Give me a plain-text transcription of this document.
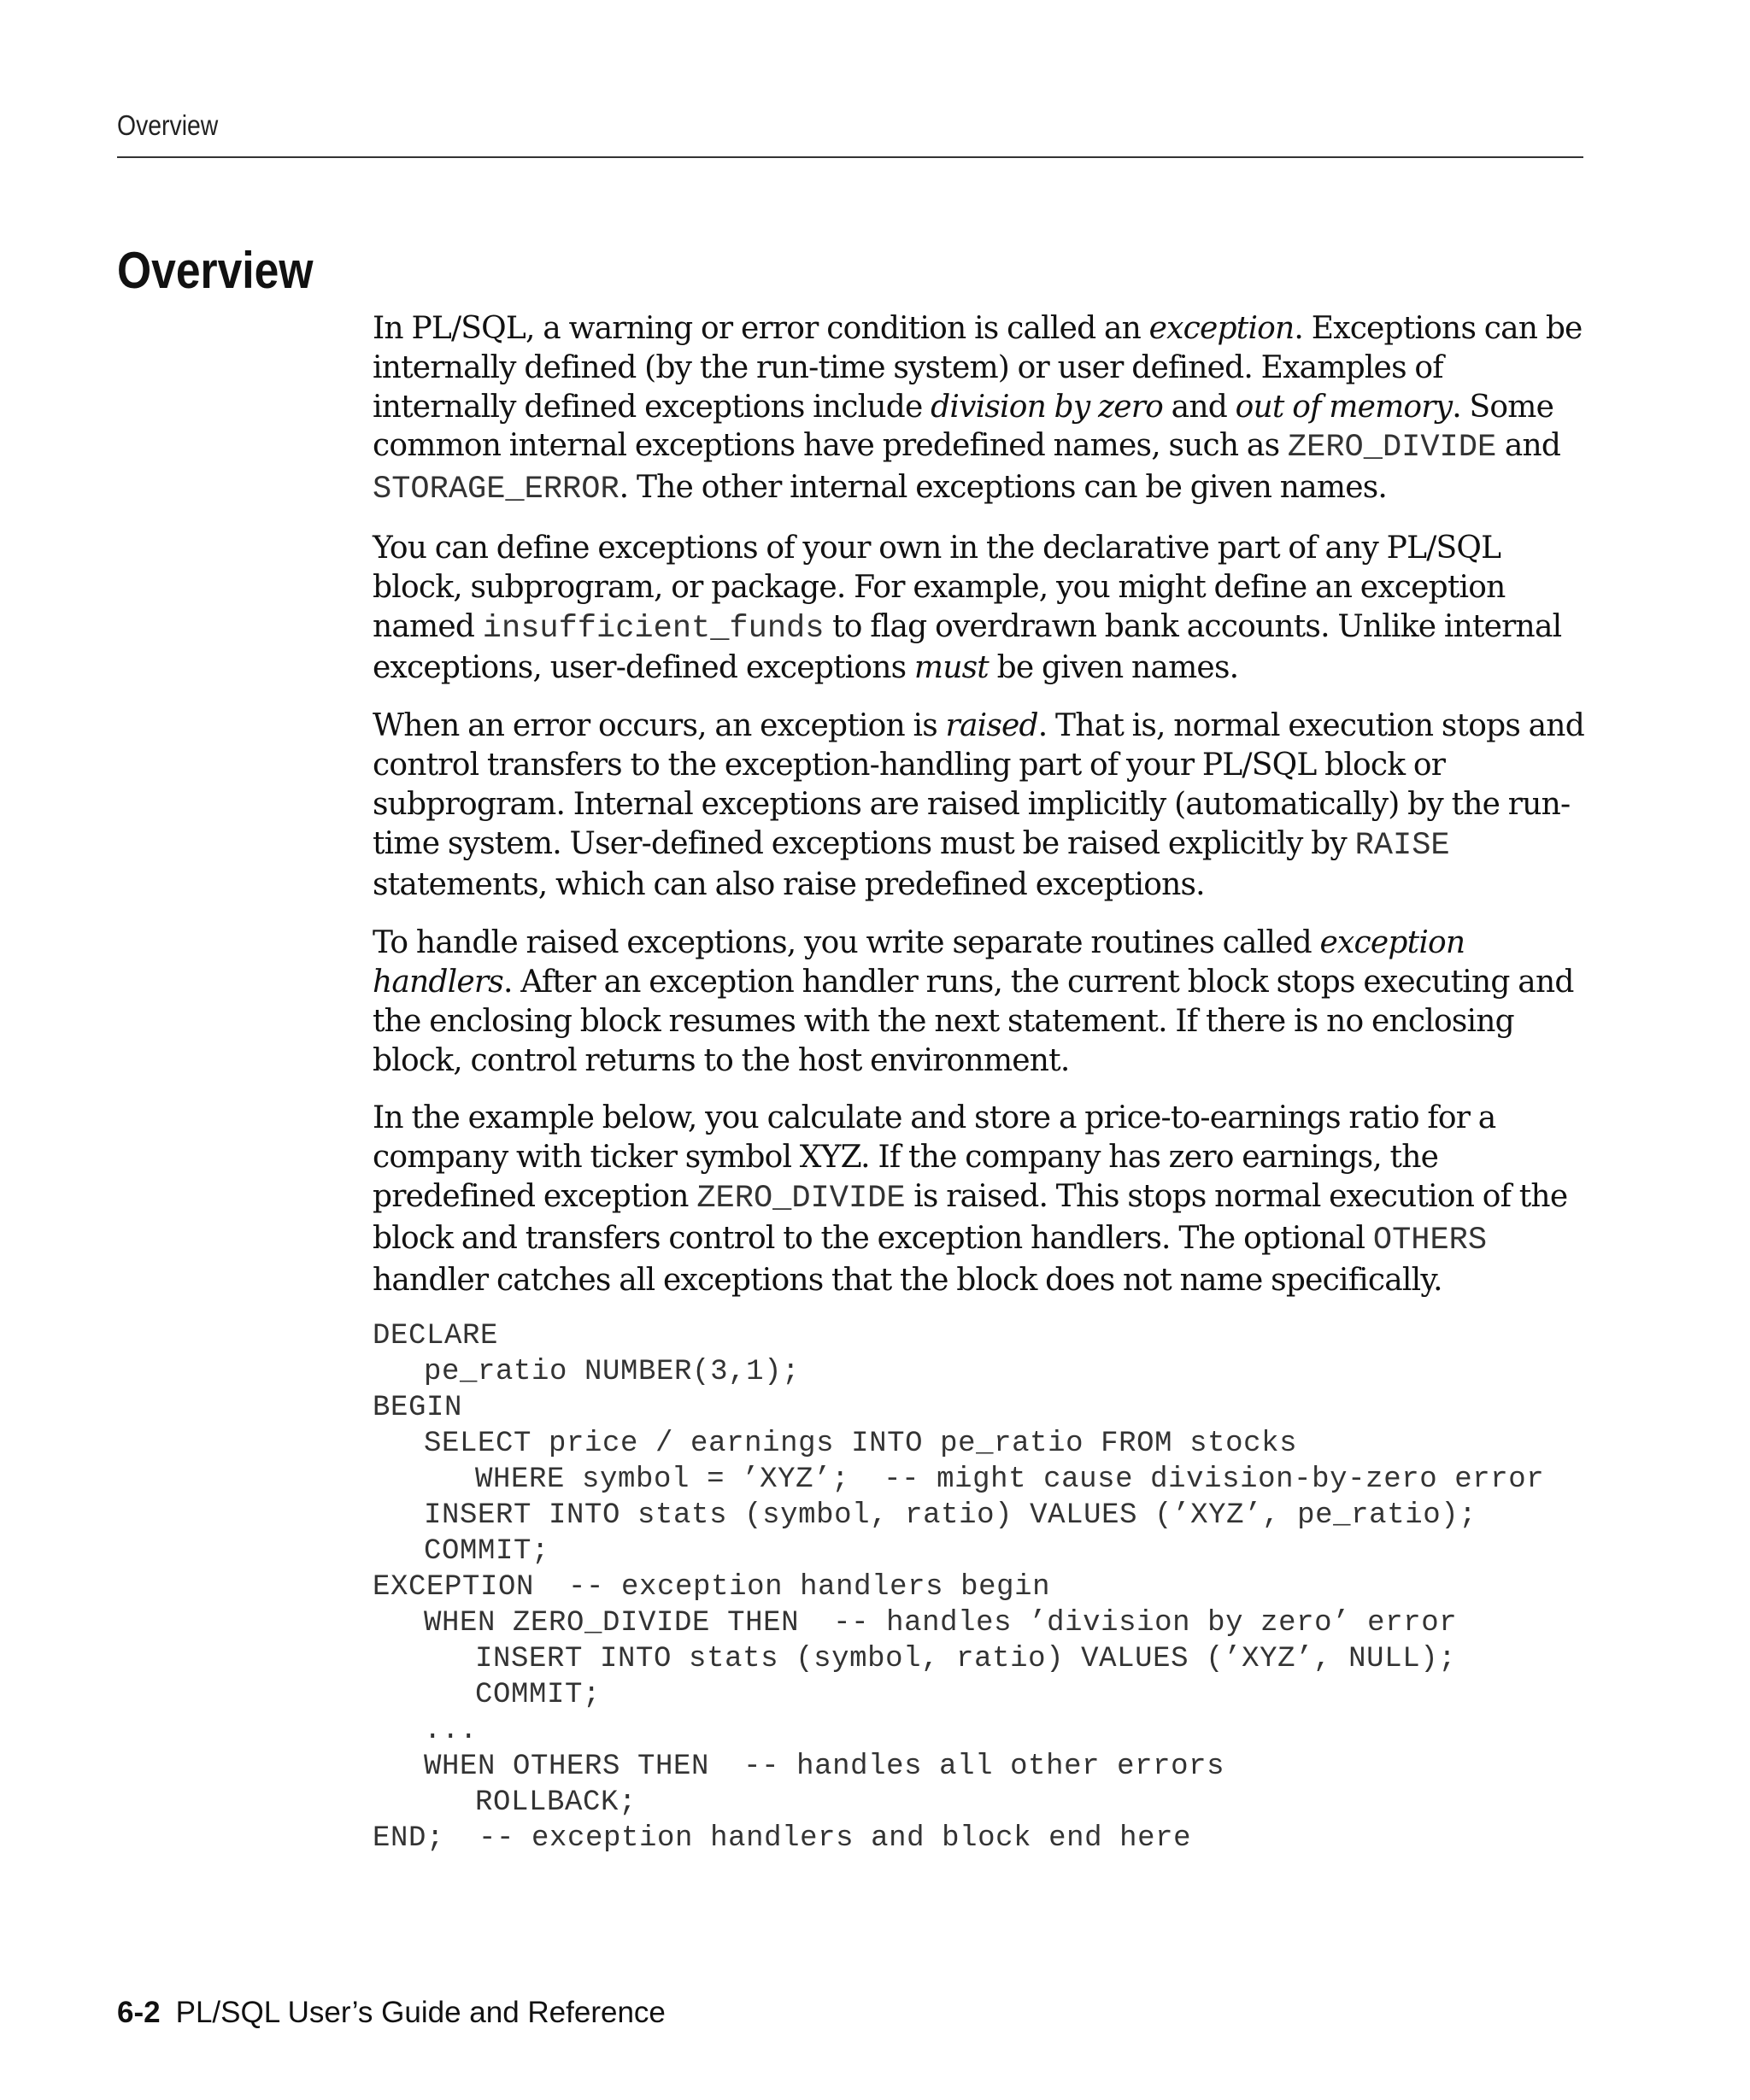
Overview
Overview

In PL/SQL, a warning or error condition is called an exception. Exceptions can be internally defined (by the run-time system) or user defined. Examples of internally defined exceptions include division by zero and out of memory. Some common internal exceptions have predefined names, such as ZERO_DIVIDE and STORAGE_ERROR. The other internal exceptions can be given names.

You can define exceptions of your own in the declarative part of any PL/SQL block, subprogram, or package. For example, you might define an exception named insufficient_funds to flag overdrawn bank accounts. Unlike internal exceptions, user-defined exceptions must be given names.

When an error occurs, an exception is raised. That is, normal execution stops and control transfers to the exception-handling part of your PL/SQL block or subprogram. Internal exceptions are raised implicitly (automatically) by the run-time system. User-defined exceptions must be raised explicitly by RAISE statements, which can also raise predefined exceptions.

To handle raised exceptions, you write separate routines called exception handlers. After an exception handler runs, the current block stops executing and the enclosing block resumes with the next statement. If there is no enclosing block, control returns to the host environment.

In the example below, you calculate and store a price-to-earnings ratio for a company with ticker symbol XYZ. If the company has zero earnings, the predefined exception ZERO_DIVIDE is raised. This stops normal execution of the block and transfers control to the exception handlers. The optional OTHERS handler catches all exceptions that the block does not name specifically.

DECLARE
pe_ratio NUMBER(3,1);
BEGIN
SELECT price / earnings INTO pe_ratio FROM stocks
WHERE symbol = ’XYZ’;  -- might cause division-by-zero error
INSERT INTO stats (symbol, ratio) VALUES (’XYZ’, pe_ratio);
COMMIT;
EXCEPTION  -- exception handlers begin
WHEN ZERO_DIVIDE THEN  -- handles ’division by zero’ error
INSERT INTO stats (symbol, ratio) VALUES (’XYZ’, NULL);
COMMIT;
...
WHEN OTHERS THEN  -- handles all other errors
ROLLBACK;
END;  -- exception handlers and block end here
6-2 PL/SQL User’s Guide and Reference
